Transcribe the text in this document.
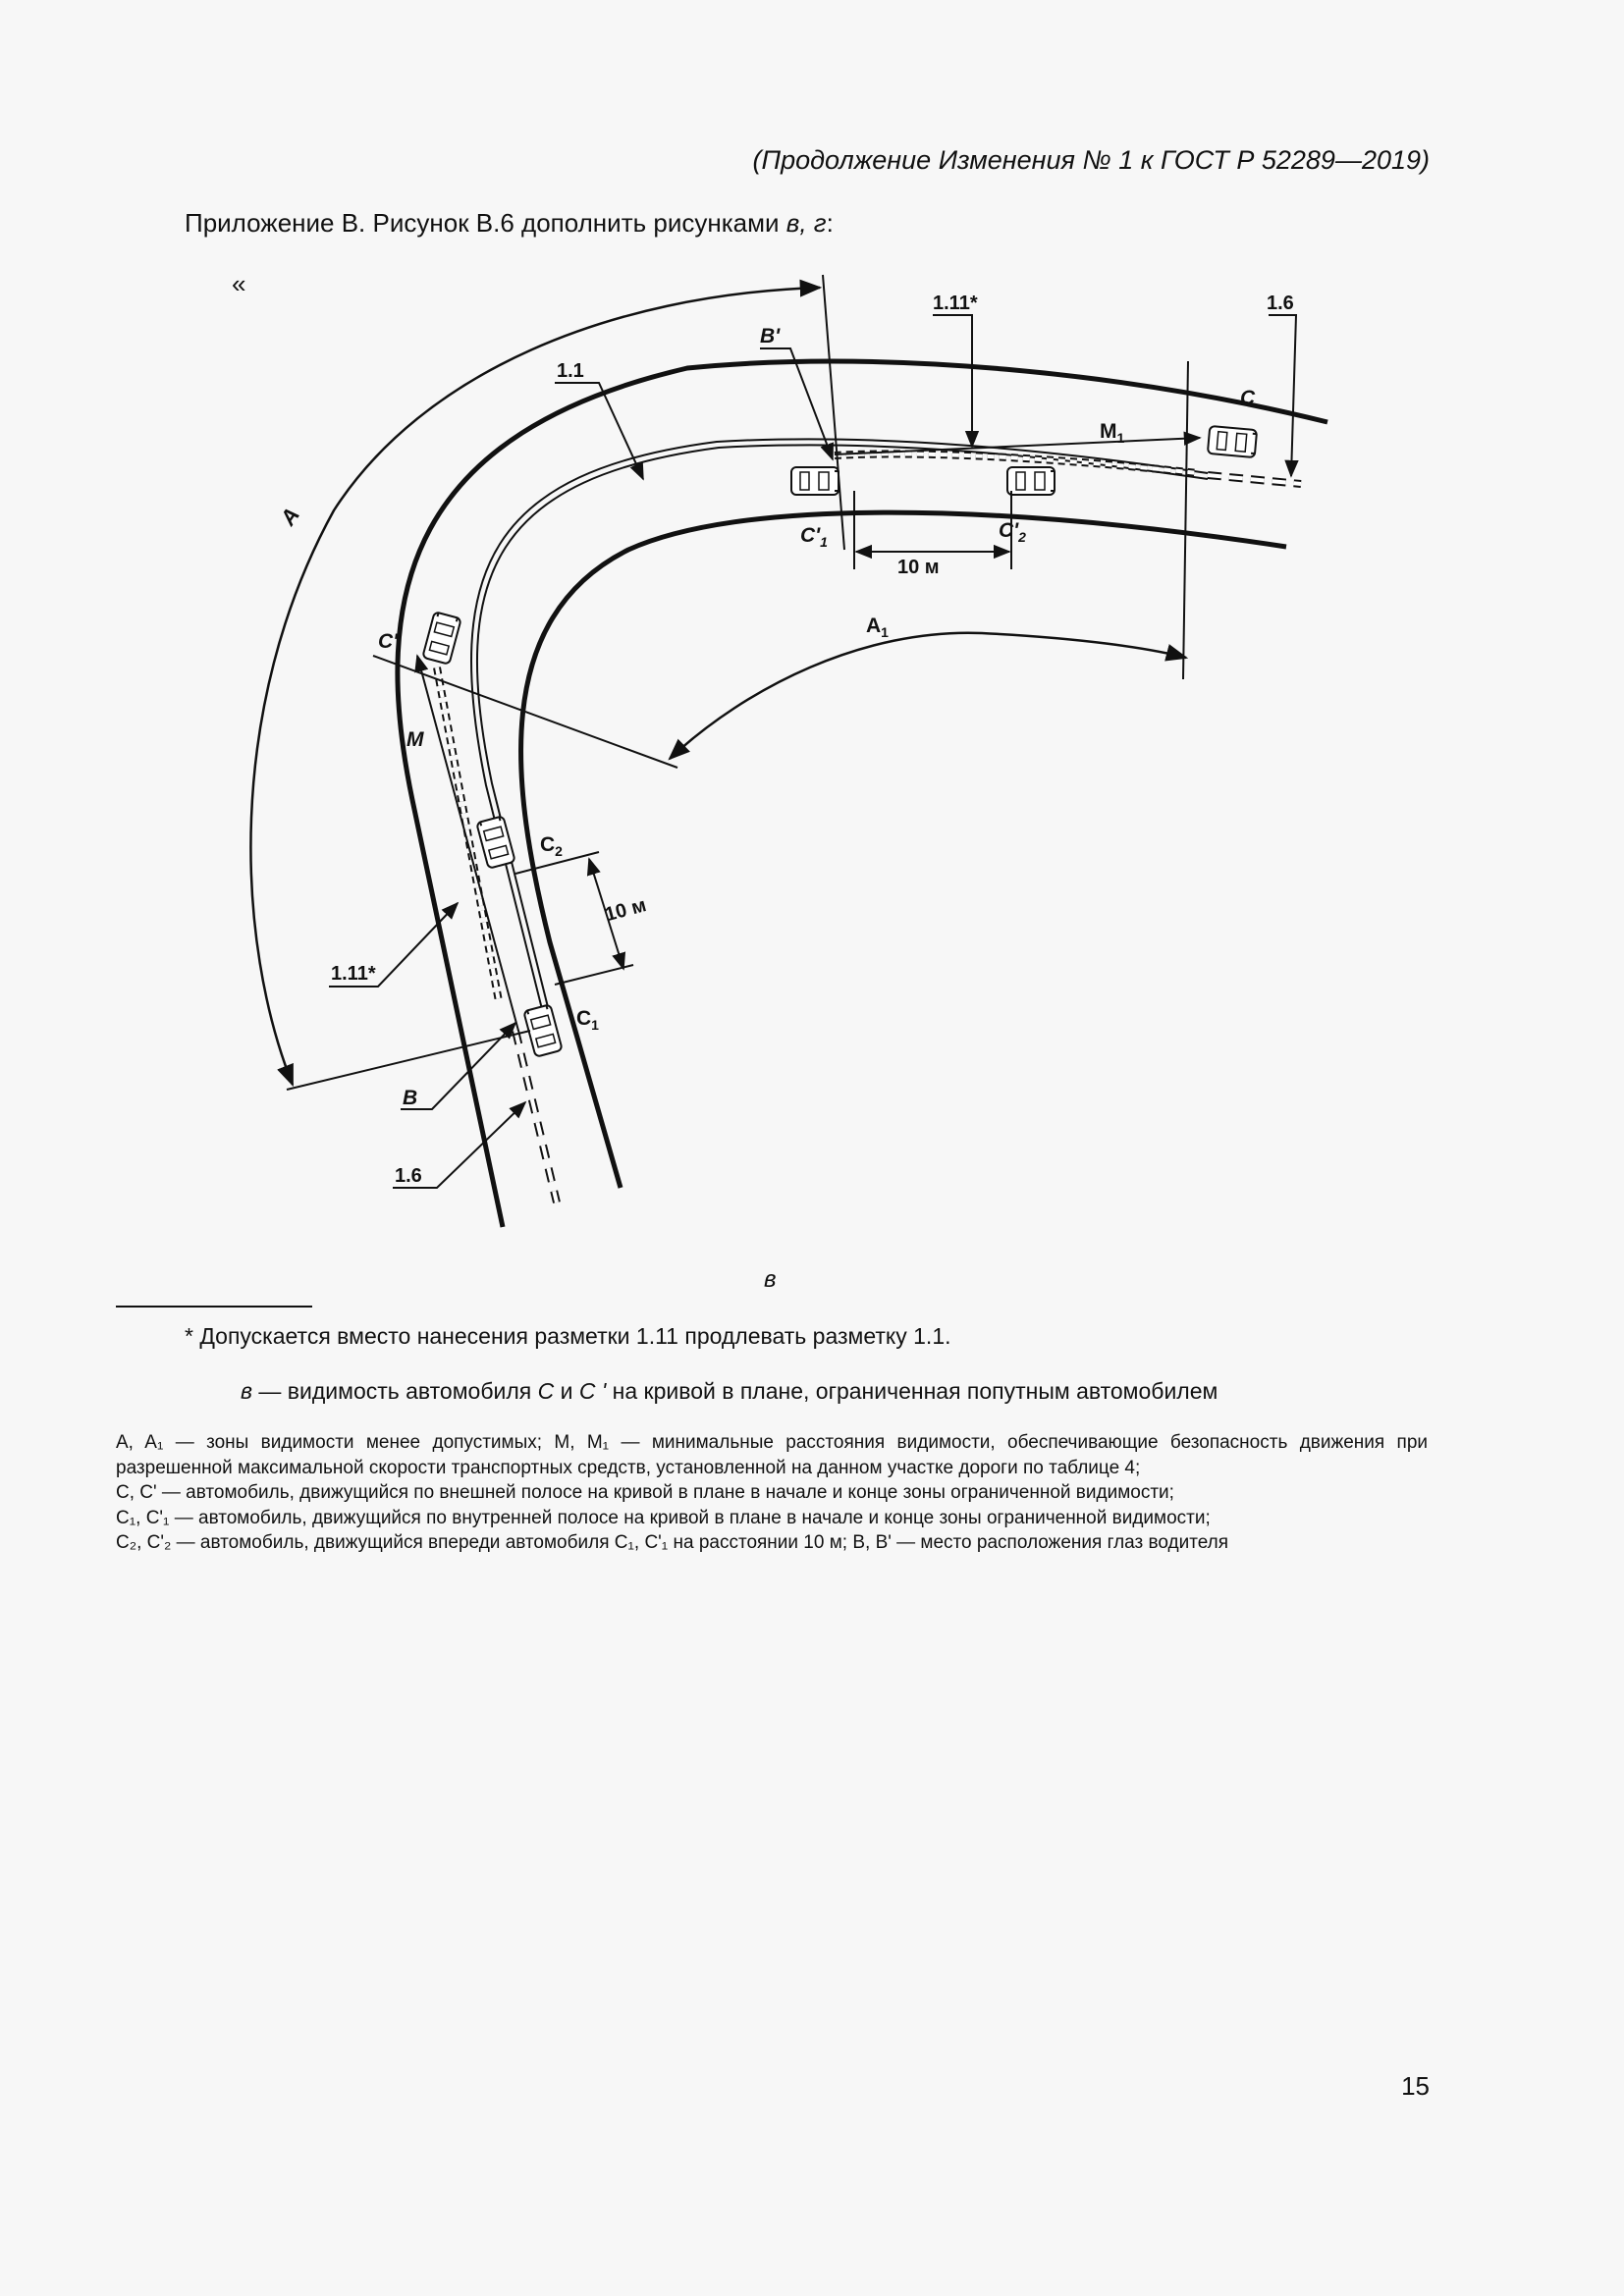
(Продолжение Изменения № 1 к ГОСТ Р 52289—2019)
Приложение В. Рисунок В.6 дополнить рисунками в, г:
«
A
$A_1$
M
$M_1$
B
B'
C
C'
$C_1$
$C_2$
$C'_1$	$C'_2$
10 м
10 м
1.1
1.11*
1.11*
1.6
1.6
в
* Допускается вместо нанесения разметки 1.11 продлевать разметку 1.1.
в — видимость автомобиля C и C ' на кривой в плане, ограниченная попутным автомобилем

A, A₁ — зоны видимости менее допустимых; M, M₁ — минимальные расстояния видимости, обеспечивающие безопасность движения при разрешенной максимальной скорости транспортных средств, установленной на данном участке дороги по таблице 4;

C, C' — автомобиль, движущийся по внешней полосе на кривой в плане в начале и конце зоны ограниченной видимости;

C₁, C'₁ — автомобиль, движущийся по внутренней полосе на кривой в плане в начале и конце зоны ограниченной видимости;

C₂, C'₂ — автомобиль, движущийся впереди автомобиля C₁, C'₁ на расстоянии 10 м; B, B' — место расположения глаз водителя

15
